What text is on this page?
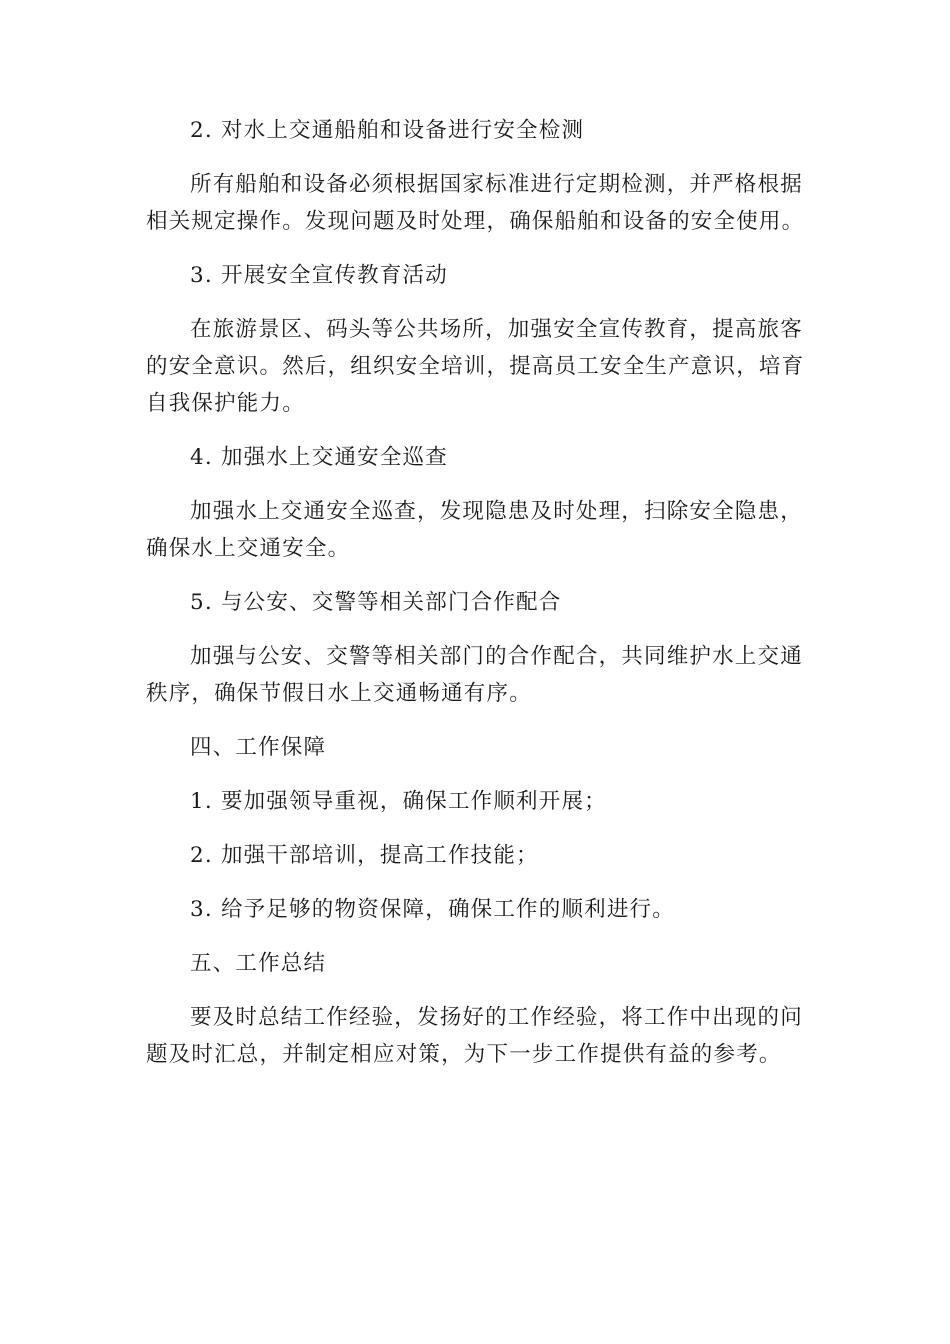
2. 对水上交通船舶和设备进行安全检测
所有船舶和设备必须根据国家标准进行定期检测，并严格根据
相关规定操作。发现问题及时处理，确保船舶和设备的安全使用。
3. 开展安全宣传教育活动
在旅游景区、码头等公共场所，加强安全宣传教育，提高旅客
的安全意识。然后，组织安全培训，提高员工安全生产意识，培育
自我保护能力。
4. 加强水上交通安全巡查
加强水上交通安全巡查，发现隐患及时处理，扫除安全隐患，
确保水上交通安全。
5. 与公安、交警等相关部门合作配合
加强与公安、交警等相关部门的合作配合，共同维护水上交通
秩序，确保节假日水上交通畅通有序。
四、工作保障
1. 要加强领导重视，确保工作顺利开展；
2. 加强干部培训，提高工作技能；
3. 给予足够的物资保障，确保工作的顺利进行。
五、工作总结
要及时总结工作经验，发扬好的工作经验，将工作中出现的问
题及时汇总，并制定相应对策，为下一步工作提供有益的参考。
